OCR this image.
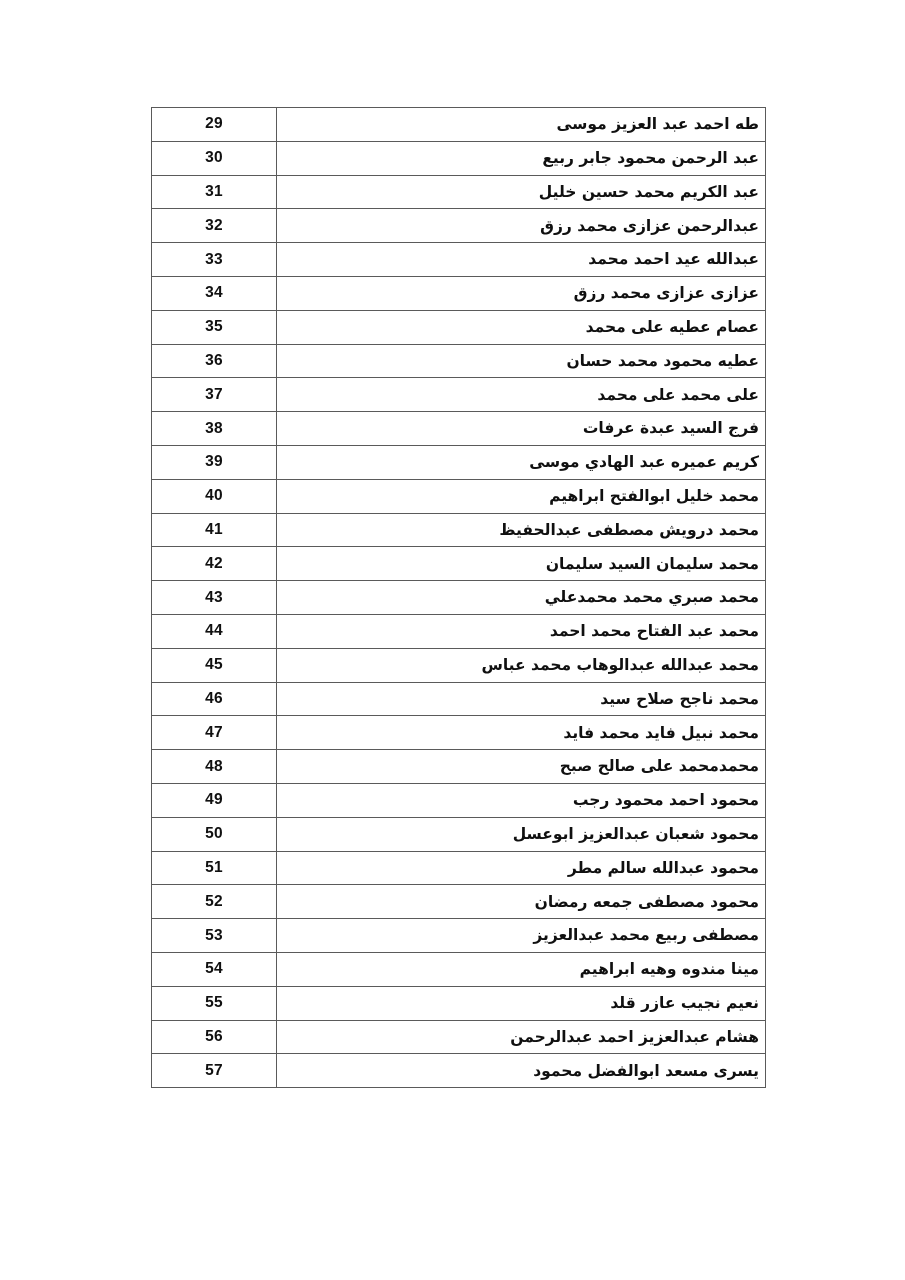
طه احمد عبد العزيز موسى	29
عبد الرحمن محمود جابر ربيع	30
عبد الكريم محمد حسين خليل	31
عبدالرحمن عزازى محمد رزق	32
عبدالله عيد احمد محمد	33
عزازى عزازى محمد رزق	34
عصام عطيه على محمد	35
عطيه محمود محمد حسان	36
على محمد على محمد	37
فرج السيد عبدة عرفات	38
كريم عميره عبد الهادي موسى	39
محمد خليل ابوالفتح ابراهيم	40
محمد درويش مصطفى عبدالحفيظ	41
محمد سليمان السيد سليمان	42
محمد صبري محمد محمدعلي	43
محمد عبد الفتاح محمد احمد	44
محمد عبدالله عبدالوهاب محمد عباس	45
محمد ناجح صلاح سيد	46
محمد نبيل فايد محمد فايد	47
محمدمحمد على صالح صبح	48
محمود احمد محمود رجب	49
محمود شعبان عبدالعزيز ابوعسل	50
محمود عبدالله سالم مطر	51
محمود مصطفى جمعه رمضان	52
مصطفى ربيع محمد عبدالعزيز	53
مينا مندوه وهيه ابراهيم	54
نعيم نجيب عازر قلد	55
هشام عبدالعزيز احمد عبدالرحمن	56
يسرى مسعد ابوالفضل محمود	57
